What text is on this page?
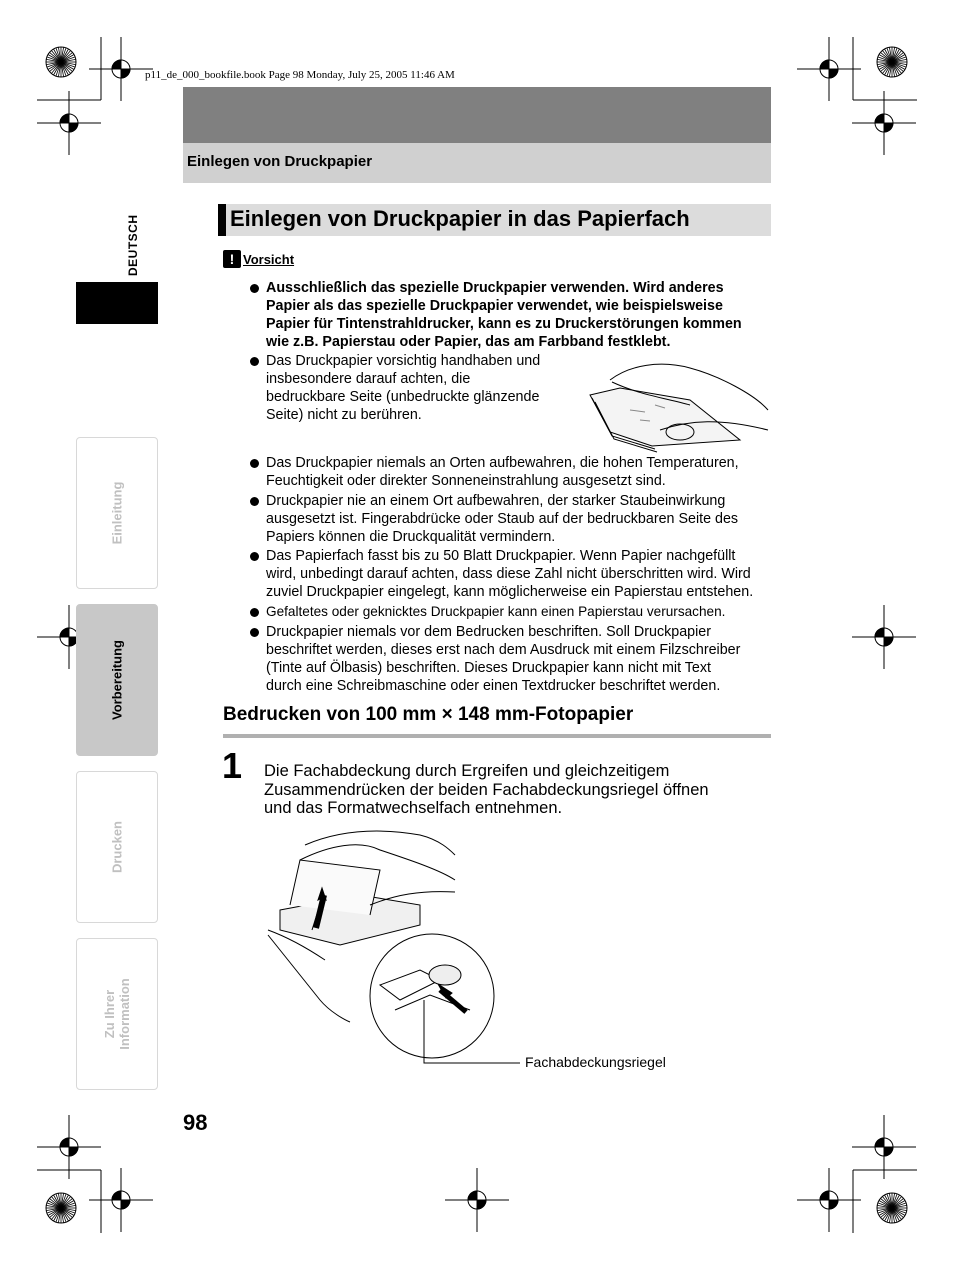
p11_de_000_bookfile.book Page 98 Monday, July 25, 2005 11:46 AM
Einlegen von Druckpapier
DEUTSCH
Einleitung
Vorbereitung
Drucken
Zu Ihrer
Information
Einlegen von Druckpapier in das Papierfach
! Vorsicht
Ausschließlich das spezielle Druckpapier verwenden. Wird anderes
Papier als das spezielle Druckpapier verwendet, wie beispielsweise
Papier für Tintenstrahldrucker, kann es zu Druckerstörungen kommen
wie z.B. Papierstau oder Papier, das am Farbband festklebt.
Das Druckpapier vorsichtig handhaben und
insbesondere darauf achten, die
bedruckbare Seite (unbedruckte glänzende
Seite) nicht zu berühren.
Das Druckpapier niemals an Orten aufbewahren, die hohen Temperaturen,
Feuchtigkeit oder direkter Sonneneinstrahlung ausgesetzt sind.
Druckpapier nie an einem Ort aufbewahren, der starker Staubeinwirkung
ausgesetzt ist. Fingerabdrücke oder Staub auf der bedruckbaren Seite des
Papiers können die Druckqualität vermindern.
Das Papierfach fasst bis zu 50 Blatt Druckpapier. Wenn Papier nachgefüllt
wird, unbedingt darauf achten, dass diese Zahl nicht überschritten wird. Wird
zuviel Druckpapier eingelegt, kann möglicherweise ein Papierstau entstehen.
Gefaltetes oder geknicktes Druckpapier kann einen Papierstau verursachen.
Druckpapier niemals vor dem Bedrucken beschriften. Soll Druckpapier
beschriftet werden, dieses erst nach dem Ausdruck mit einem Filzschreiber
(Tinte auf Ölbasis) beschriften. Dieses Druckpapier kann nicht mit Text
durch eine Schreibmaschine oder einen Textdrucker beschriftet werden.
Bedrucken von 100 mm × 148 mm-Fotopapier
1 Die Fachabdeckung durch Ergreifen und gleichzeitigem
Zusammendrücken der beiden Fachabdeckungsriegel öffnen
und das Formatwechselfach entnehmen.
Fachabdeckungsriegel
98
